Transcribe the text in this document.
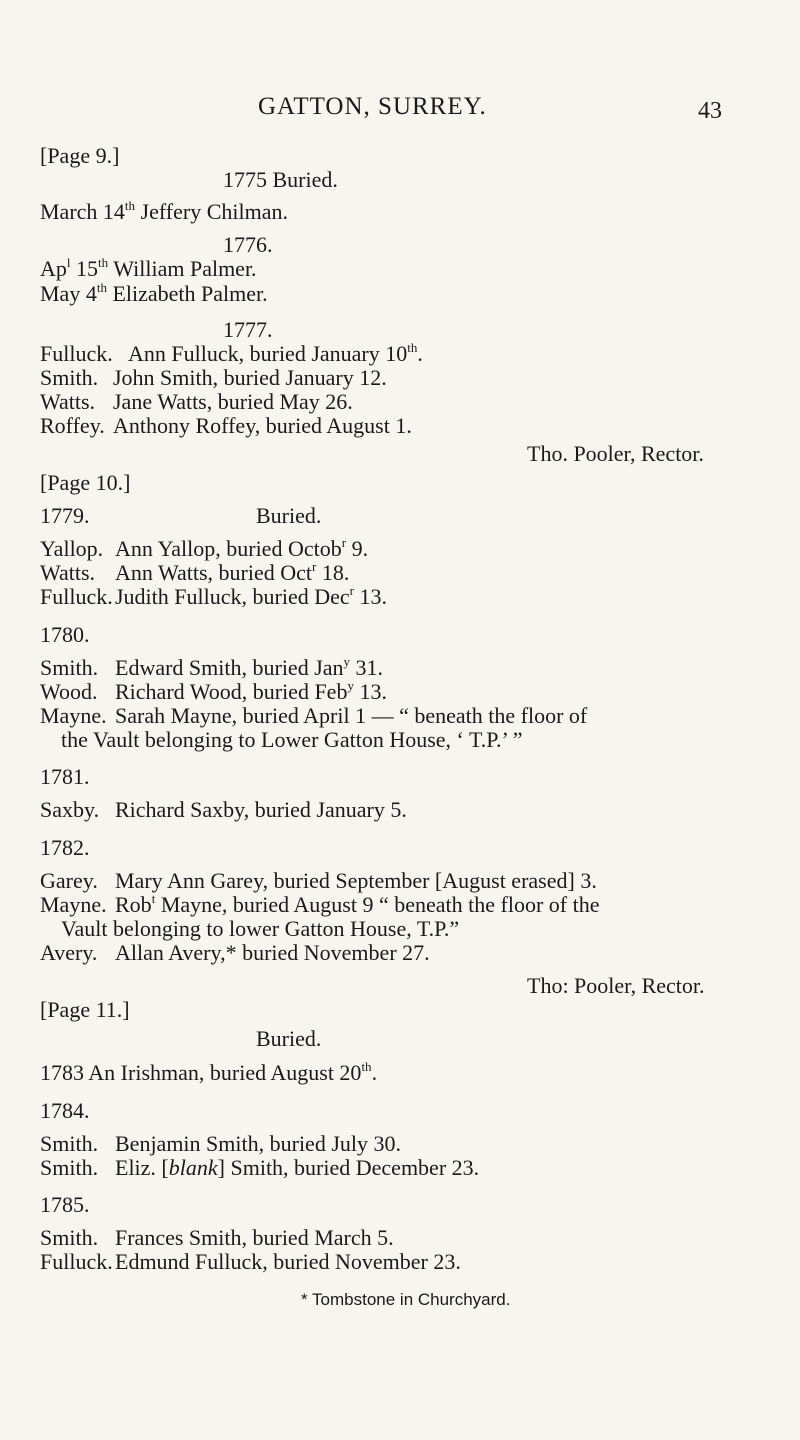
GATTON, SURREY.	43
[Page 9.]
1775 Buried.
March 14th Jeffery Chilman.
1776.
Ap$^l$ 15th William Palmer.
May 4th Elizabeth Palmer.
1777.
Fulluck. Ann Fulluck, buried January 10th.
Smith. John Smith, buried January 12.
Watts. Jane Watts, buried May 26.
Roffey. Anthony Roffey, buried August 1.
Tho. Pooler, Rector.
[Page 10.]
1779.	Buried.
Yallop. Ann Yallop, buried Octob$^r$ 9.
Watts. Ann Watts, buried Oct$^r$ 18.
Fulluck. Judith Fulluck, buried Dec$^r$ 13.
1780.
Smith. Edward Smith, buried Jan$^y$ 31.
Wood. Richard Wood, buried Feb$^y$ 13.
Mayne. Sarah Mayne, buried April 1 — “ beneath the floor of
the Vault belonging to Lower Gatton House, ‘ T.P.’ ”
1781.
Saxby. Richard Saxby, buried January 5.
1782.
Garey. Mary Ann Garey, buried September [August erased] 3.
Mayne. Rob$^t$ Mayne, buried August 9 “ beneath the floor of the
Vault belonging to lower Gatton House, T.P.”
Avery. Allan Avery,* buried November 27.
Tho: Pooler, Rector.
[Page 11.]
Buried.
1783 An Irishman, buried August 20th.
1784.
Smith. Benjamin Smith, buried July 30.
Smith. Eliz. [blank] Smith, buried December 23.
1785.
Smith. Frances Smith, buried March 5.
Fulluck. Edmund Fulluck, buried November 23.
* Tombstone in Churchyard.
